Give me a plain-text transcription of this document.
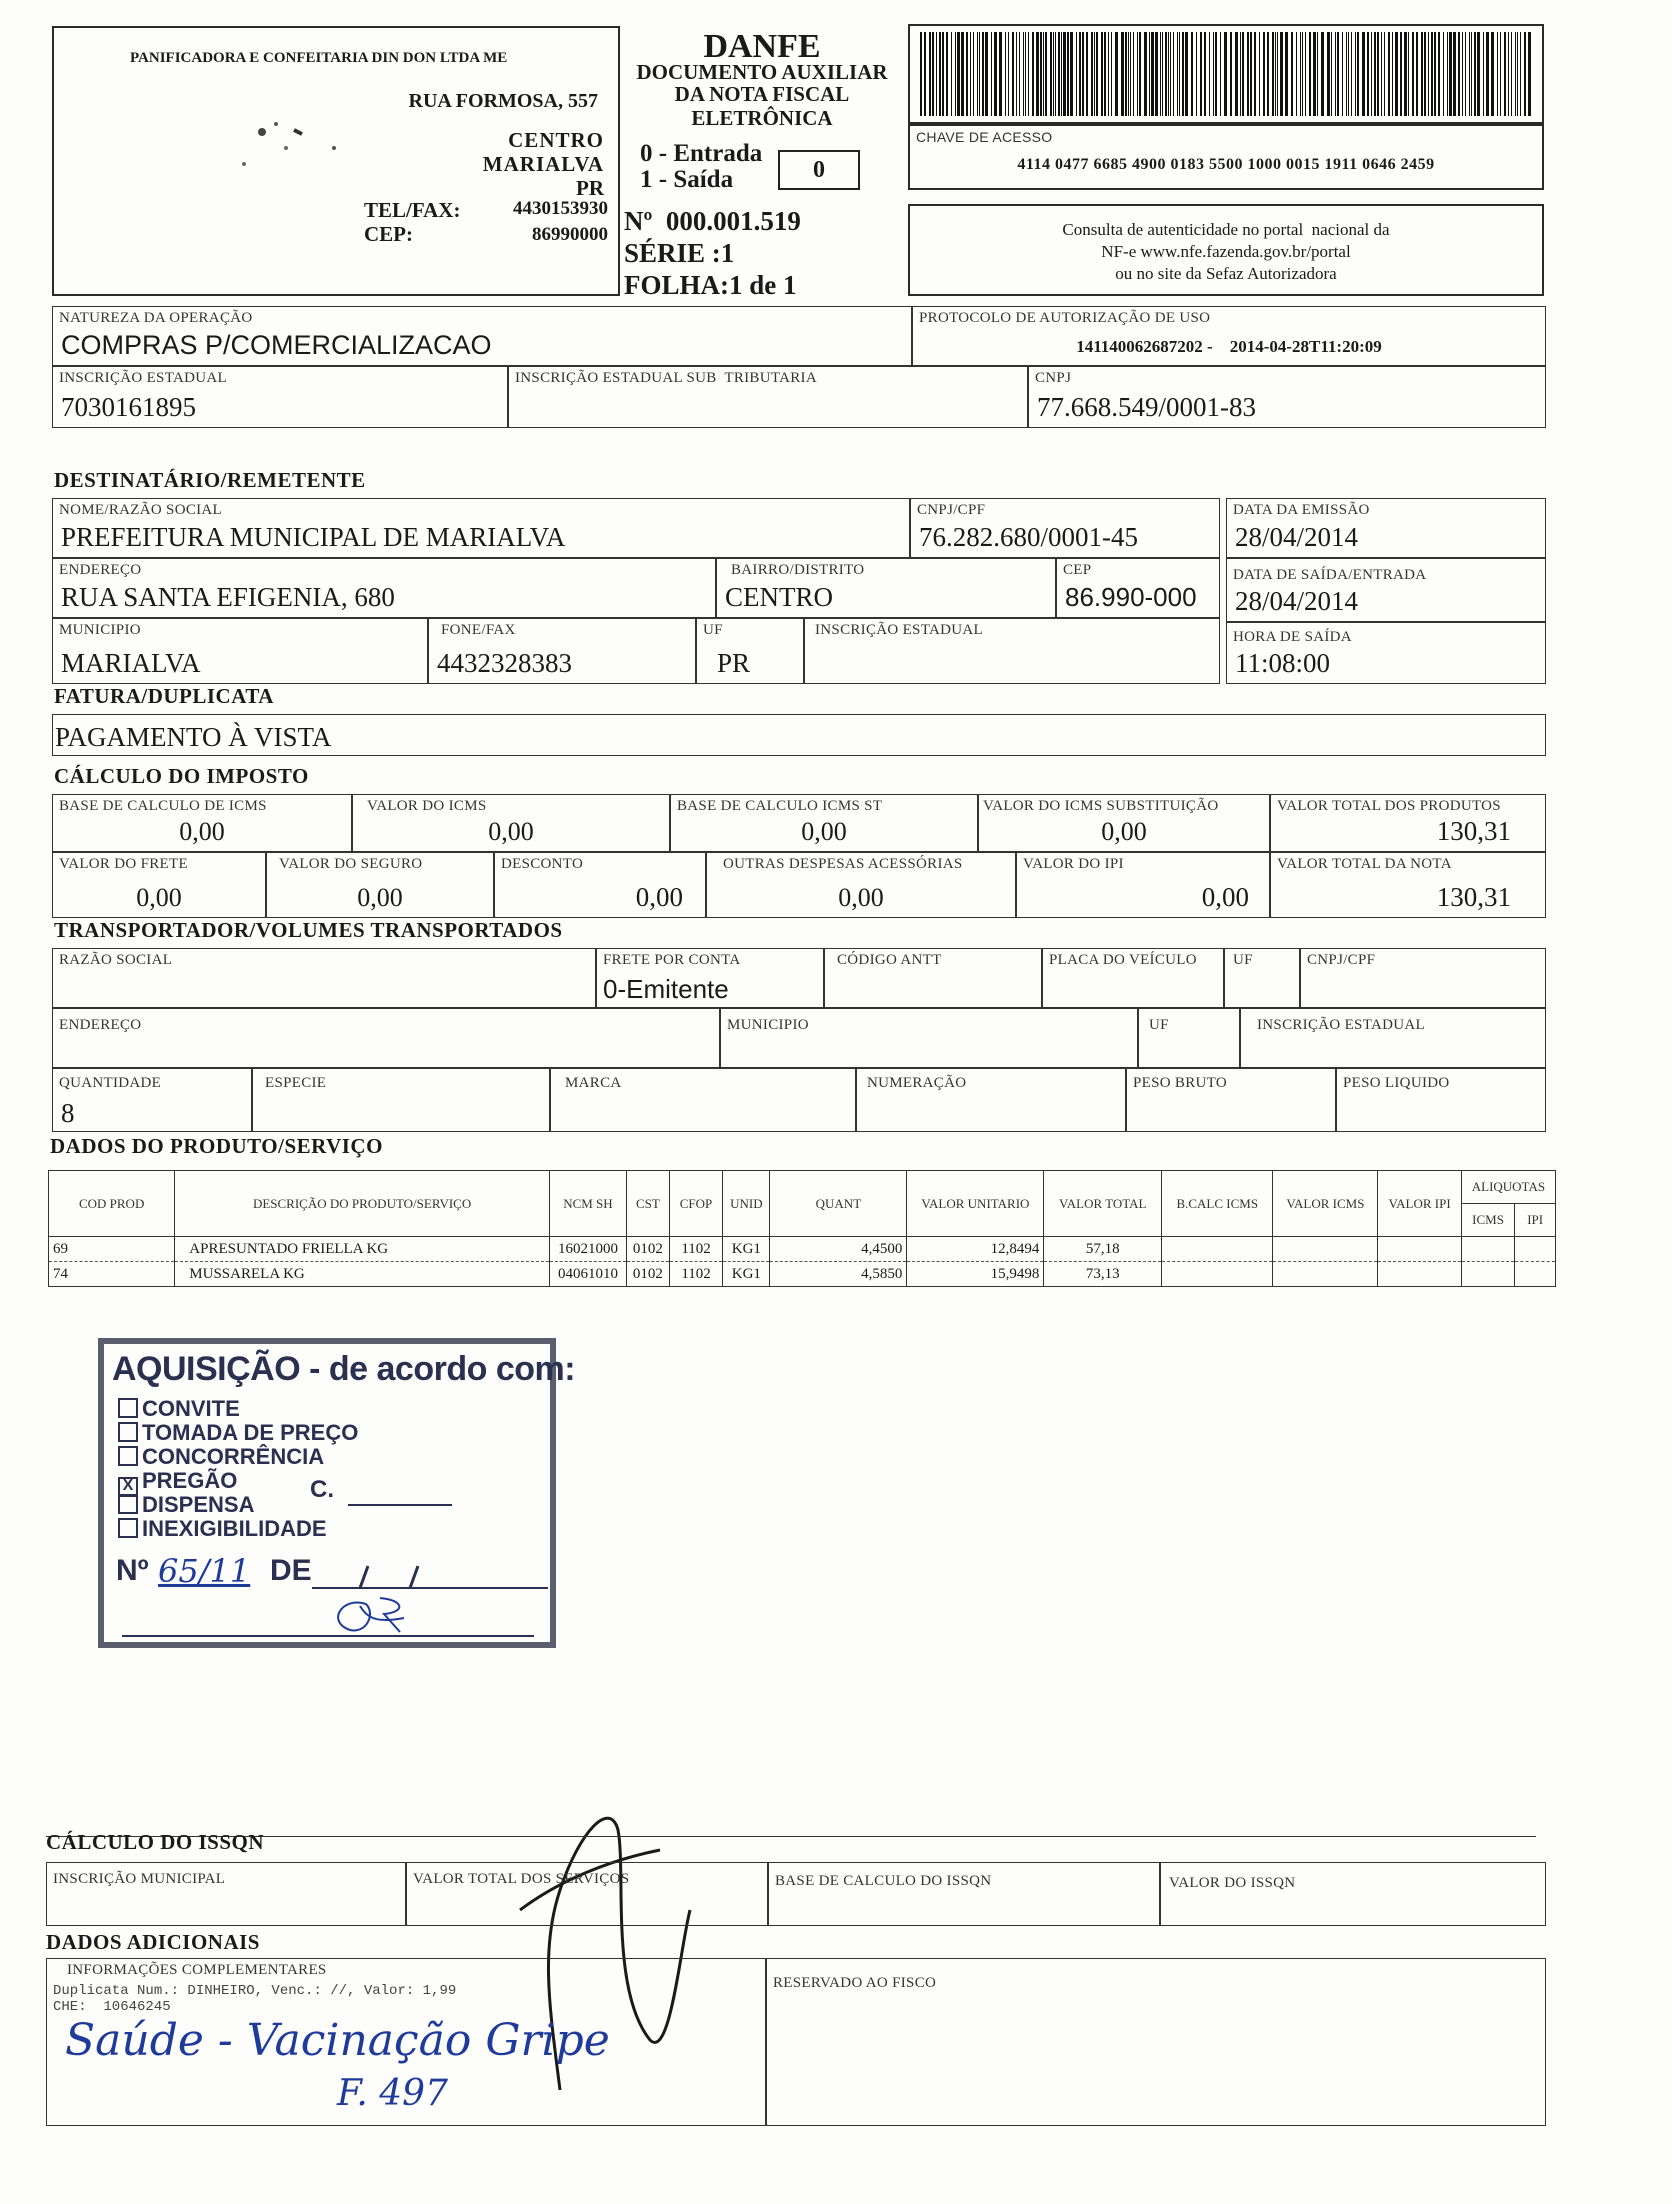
PANIFICADORA E CONFEITARIA DIN DON LTDA ME
RUA FORMOSA, 557
CENTRO
MARIALVA
PR
TEL/FAX:	4430153930
CEP:	86990000
DANFE
DOCUMENTO AUXILIAR
DA NOTA FISCAL
ELETRÔNICA
0 - Entrada
1 - Saída	0
Nº  000.001.519
SÉRIE :1
FOLHA:1 de 1
CHAVE DE ACESSO
4114 0477 6685 4900 0183 5500 1000 0015 1911 0646 2459
Consulta de autenticidade no portal  nacional da
NF-e www.nfe.fazenda.gov.br/portal
ou no site da Sefaz Autorizadora
NATUREZA DA OPERAÇÃO
COMPRAS P/COMERCIALIZACAO
PROTOCOLO DE AUTORIZAÇÃO DE USO
141140062687202 -    2014-04-28T11:20:09
INSCRIÇÃO ESTADUAL
7030161895
INSCRIÇÃO ESTADUAL SUB  TRIBUTARIA	CNPJ
77.668.549/0001-83
DESTINATÁRIO/REMETENTE
NOME/RAZÃO SOCIAL
PREFEITURA MUNICIPAL DE MARIALVA
CNPJ/CPF
76.282.680/0001-45
DATA DA EMISSÃO
28/04/2014
ENDEREÇO
RUA SANTA EFIGENIA, 680
BAIRRO/DISTRITO
CENTRO
CEP
86.990-000
DATA DE SAÍDA/ENTRADA
28/04/2014
MUNICIPIO
MARIALVA
FONE/FAX
4432328383
UF
PR
INSCRIÇÃO ESTADUAL	HORA DE SAÍDA
11:08:00
FATURA/DUPLICATA
PAGAMENTO À VISTA
CÁLCULO DO IMPOSTO
BASE DE CALCULO DE ICMS
0,00
VALOR DO ICMS
0,00
BASE DE CALCULO ICMS ST
0,00
VALOR DO ICMS SUBSTITUIÇÃO
0,00
VALOR TOTAL DOS PRODUTOS
130,31
VALOR DO FRETE
0,00
VALOR DO SEGURO
0,00
DESCONTO
0,00
OUTRAS DESPESAS ACESSÓRIAS
0,00
VALOR DO IPI
0,00
VALOR TOTAL DA NOTA
130,31
TRANSPORTADOR/VOLUMES TRANSPORTADOS
RAZÃO SOCIAL	FRETE POR CONTA
0-Emitente
CÓDIGO ANTT	PLACA DO VEÍCULO UF	CNPJ/CPF
ENDEREÇO	MUNICIPIO	UF	INSCRIÇÃO ESTADUAL
QUANTIDADE
8
ESPECIE	MARCA	NUMERAÇÃO	PESO BRUTO	PESO LIQUIDO
DADOS DO PRODUTO/SERVIÇO
COD PROD	DESCRIÇÃO DO PRODUTO/SERVIÇO	NCM SH	CST	CFOP	UNID	QUANT	VALOR UNITARIO	VALOR TOTAL	B.CALC ICMS	VALOR ICMS	VALOR IPI	ALIQUOTAS	
												ICMS	IPI
69	APRESUNTADO FRIELLA KG	16021000	0102	1102	KG1	4,4500	12,8494	57,18					
74	MUSSARELA KG	04061010	0102	1102	KG1	4,5850	15,9498	73,13					
AQUISIÇÃO - de acordo com:
CONVITE
TOMADA DE PREÇO
CONCORRÊNCIA
X PREGÃO
DISPENSA
INEXIGIBILIDADE
C.
Nº 65/11 DE
CÁLCULO DO ISSQN
INSCRIÇÃO MUNICIPAL	VALOR TOTAL DOS SERVIÇOS	BASE DE CALCULO DO ISSQN	VALOR DO ISSQN
DADOS ADICIONAIS
INFORMAÇÕES COMPLEMENTARES
Duplicata Num.: DINHEIRO, Venc.: //, Valor: 1,99
CHE:  10646245
Saúde - Vacinação Gripe
F. 497
RESERVADO AO FISCO
